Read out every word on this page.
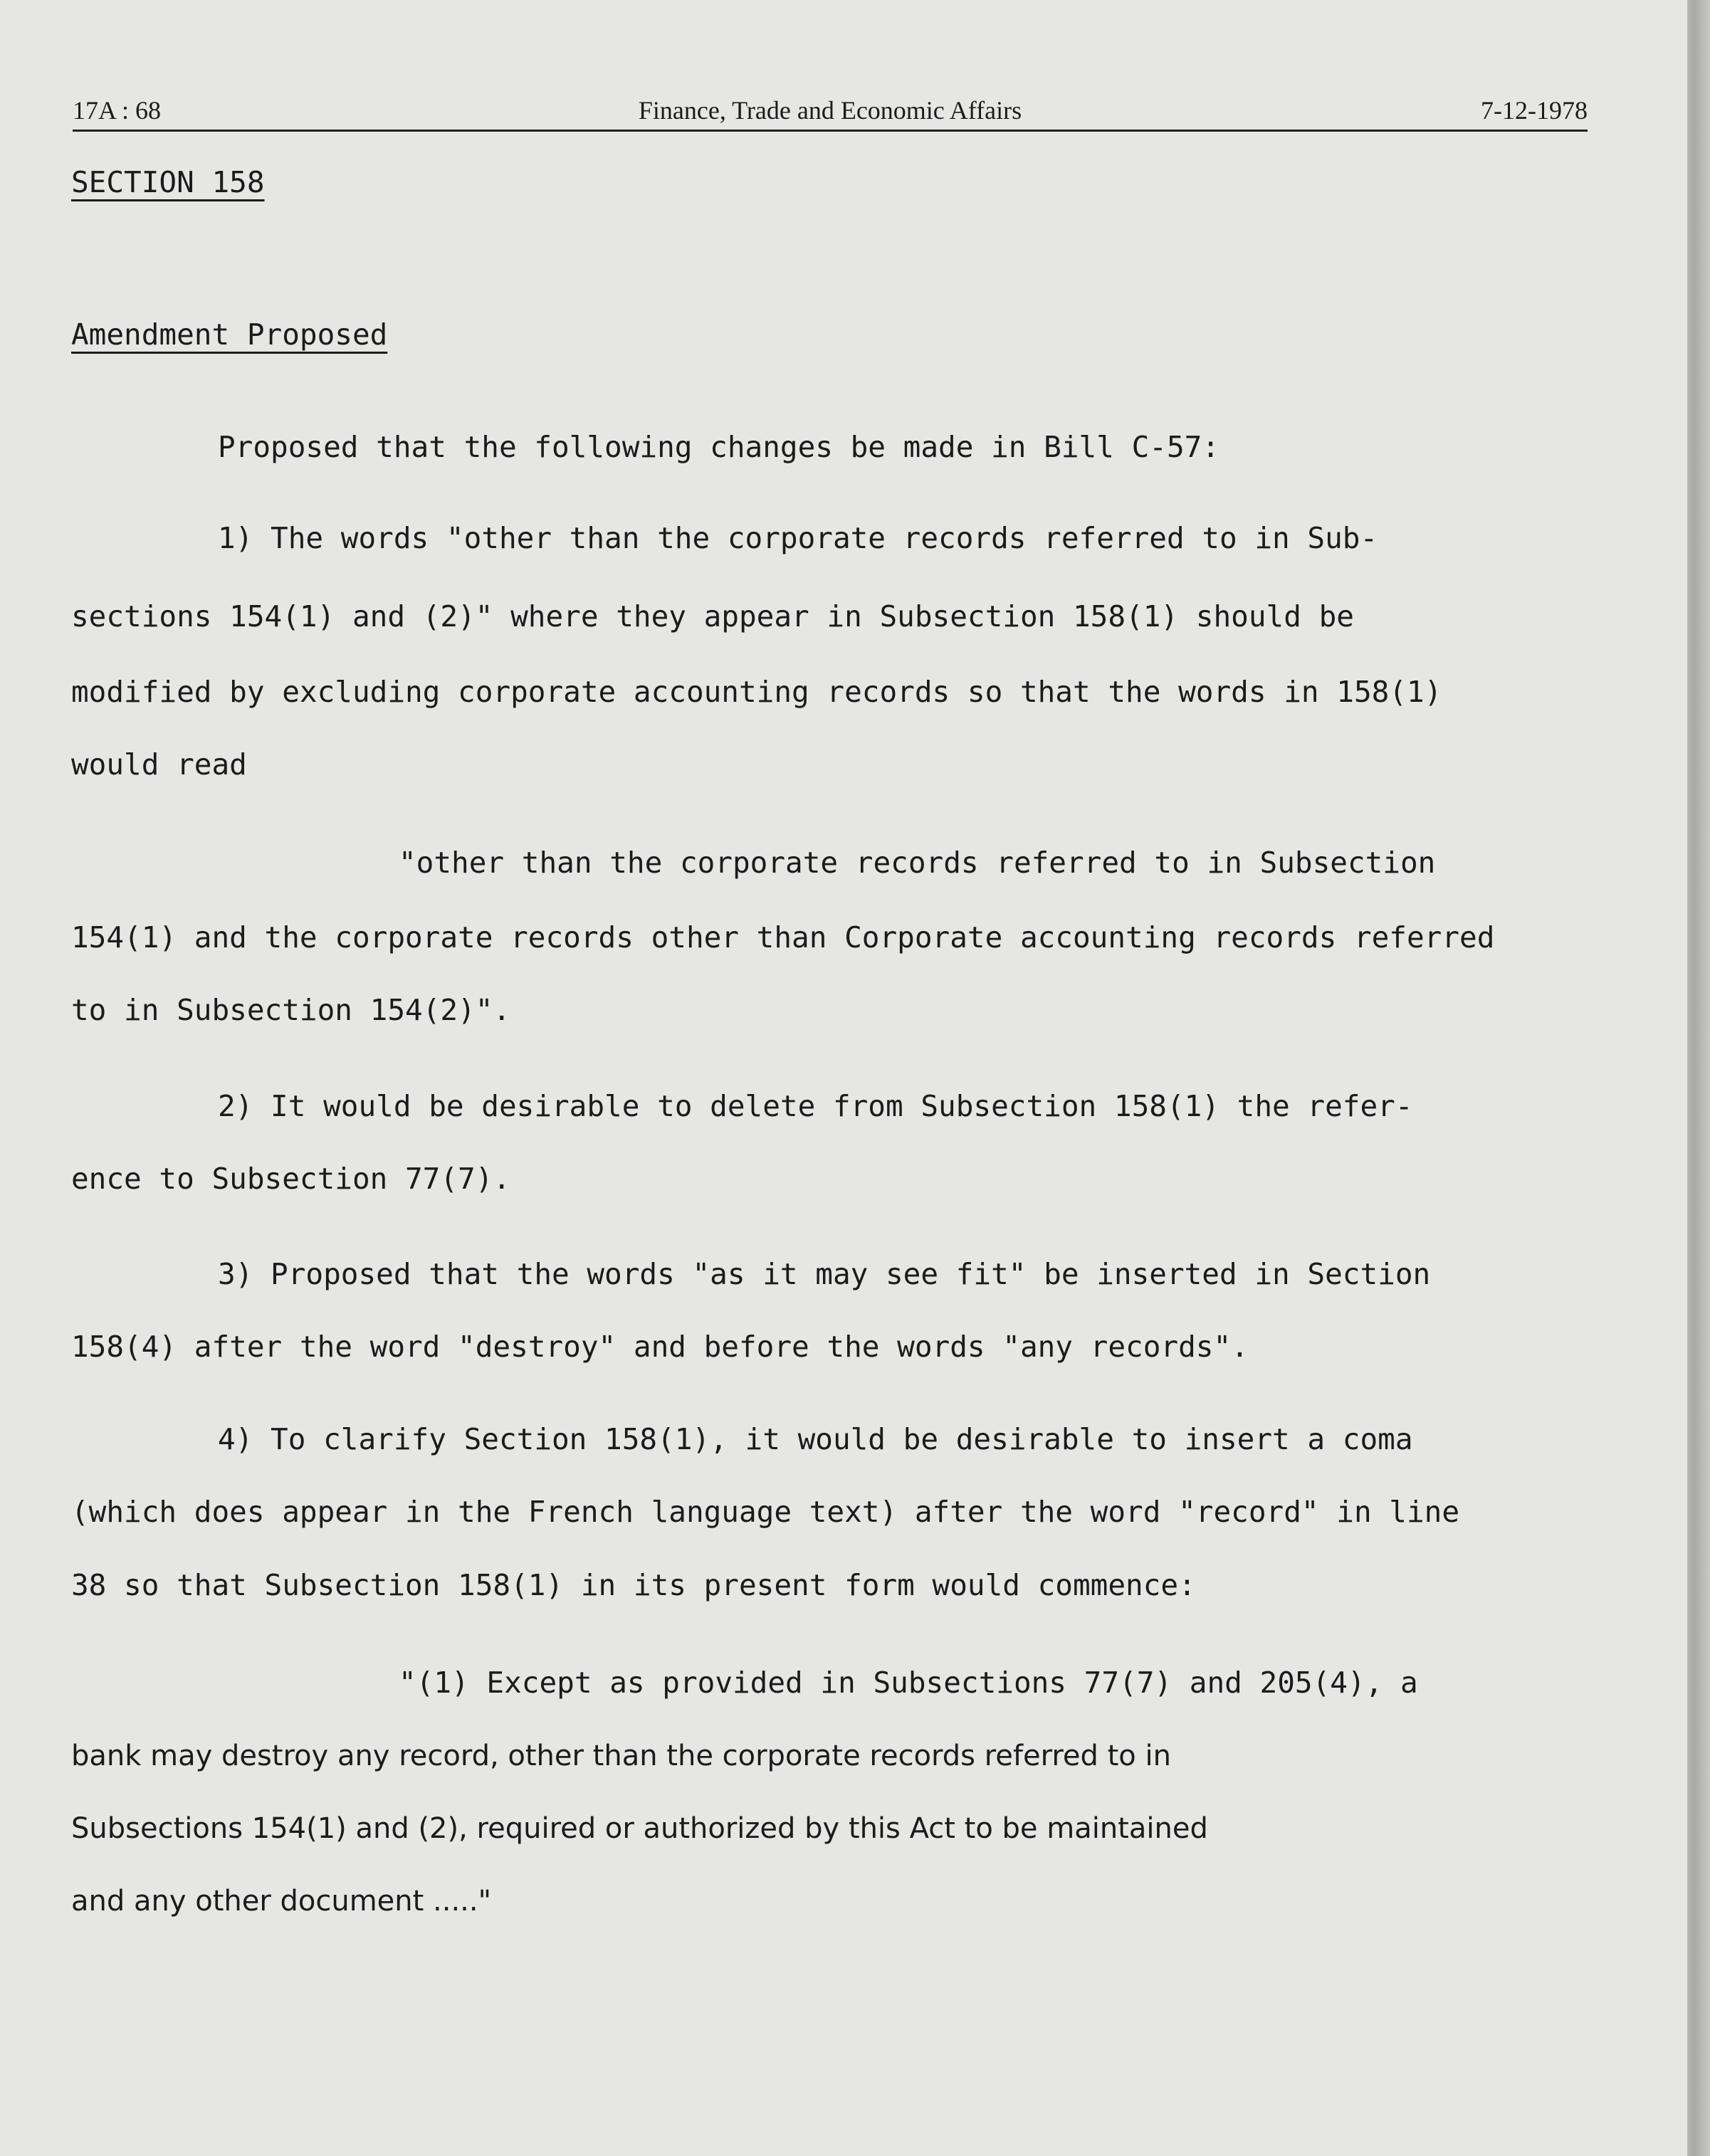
17A : 68	Finance, Trade and Economic Affairs	7-12-1978
SECTION 158
Amendment Proposed
Proposed that the following changes be made in Bill C-57:
1) The words "other than the corporate records referred to in Sub-
sections 154(1) and (2)" where they appear in Subsection 158(1) should be
modified by excluding corporate accounting records so that the words in 158(1)
would read
"other than the corporate records referred to in Subsection
154(1) and the corporate records other than Corporate accounting records referred
to in Subsection 154(2)".
2) It would be desirable to delete from Subsection 158(1) the refer-
ence to Subsection 77(7).
3) Proposed that the words "as it may see fit" be inserted in Section
158(4) after the word "destroy" and before the words "any records".
4) To clarify Section 158(1), it would be desirable to insert a coma
(which does appear in the French language text) after the word "record" in line
38 so that Subsection 158(1) in its present form would commence:
"(1) Except as provided in Subsections 77(7) and 205(4), a
bank may destroy any record, other than the corporate records referred to in
Subsections 154(1) and (2), required or authorized by this Act to be maintained
and any other document ....."
